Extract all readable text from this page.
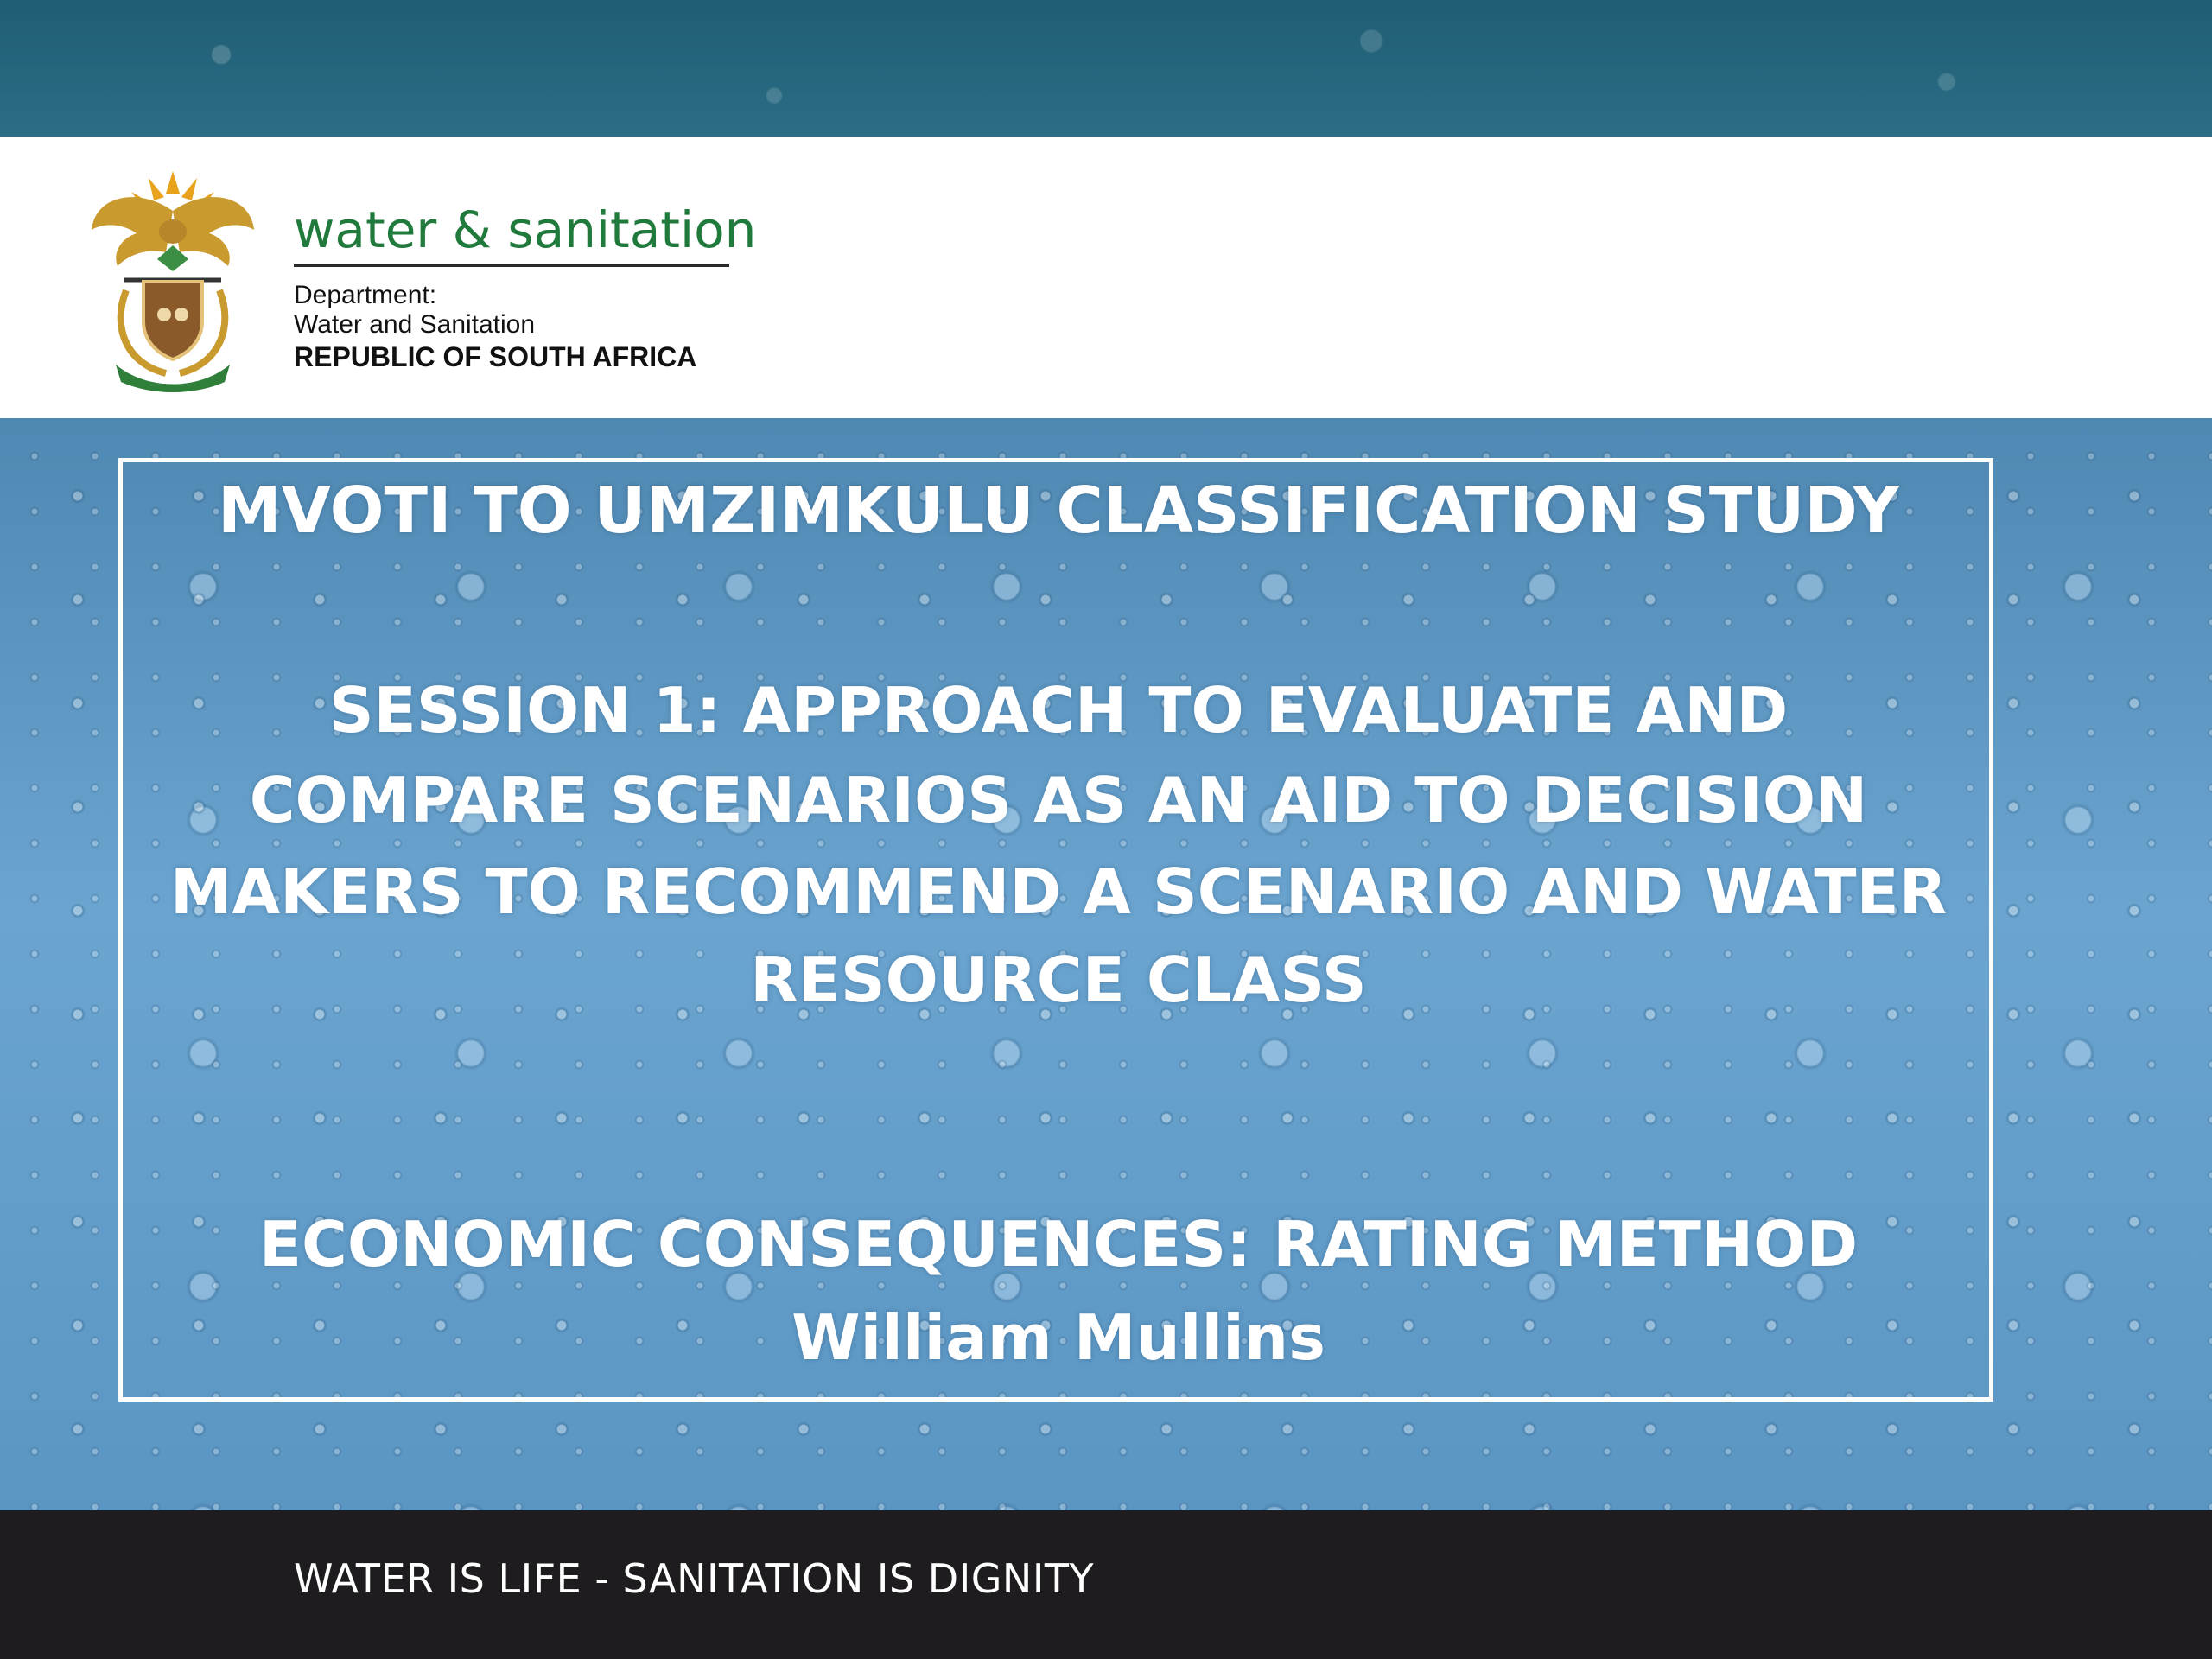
water & sanitation
Department:
Water and Sanitation
REPUBLIC OF SOUTH AFRICA
MVOTI TO UMZIMKULU CLASSIFICATION STUDY
SESSION 1: APPROACH TO EVALUATE AND
COMPARE SCENARIOS AS AN AID TO DECISION
MAKERS TO RECOMMEND A SCENARIO AND WATER
RESOURCE CLASS
ECONOMIC CONSEQUENCES: RATING METHOD
William Mullins
WATER IS LIFE - SANITATION IS DIGNITY
